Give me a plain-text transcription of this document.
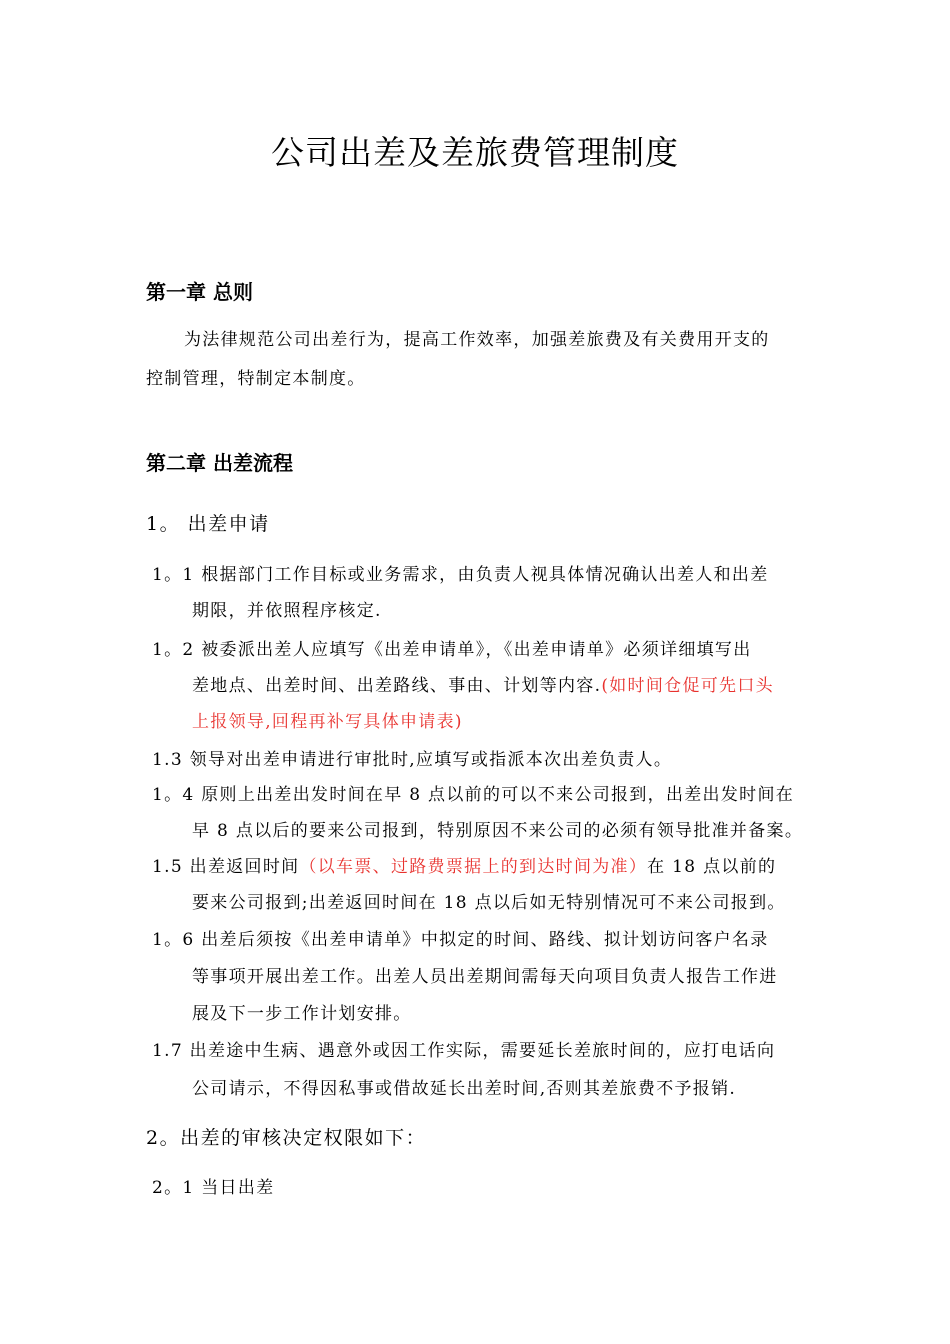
公司出差及差旅费管理制度
第一章 总则
为法律规范公司出差行为，提高工作效率，加强差旅费及有关费用开支的
控制管理，特制定本制度。
第二章 出差流程
1。 出差申请
1。1 根据部门工作目标或业务需求，由负责人视具体情况确认出差人和出差
期限，并依照程序核定.
1。2 被委派出差人应填写《出差申请单》，《出差申请单》必须详细填写出
差地点、出差时间、出差路线、事由、计划等内容.(如时间仓促可先口头
上报领导,回程再补写具体申请表)
1.3 领导对出差申请进行审批时,应填写或指派本次出差负责人。
1。4 原则上出差出发时间在早 8 点以前的可以不来公司报到，出差出发时间在
早 8 点以后的要来公司报到，特别原因不来公司的必须有领导批准并备案。
1.5 出差返回时间（以车票、过路费票据上的到达时间为准）在 18 点以前的
要来公司报到;出差返回时间在 18 点以后如无特别情况可不来公司报到。
1。6 出差后须按《出差申请单》中拟定的时间、路线、拟计划访问客户名录
等事项开展出差工作。出差人员出差期间需每天向项目负责人报告工作进
展及下一步工作计划安排。
1.7 出差途中生病、遇意外或因工作实际，需要延长差旅时间的，应打电话向
公司请示，不得因私事或借故延长出差时间,否则其差旅费不予报销.
2。出差的审核决定权限如下：
2。1 当日出差
